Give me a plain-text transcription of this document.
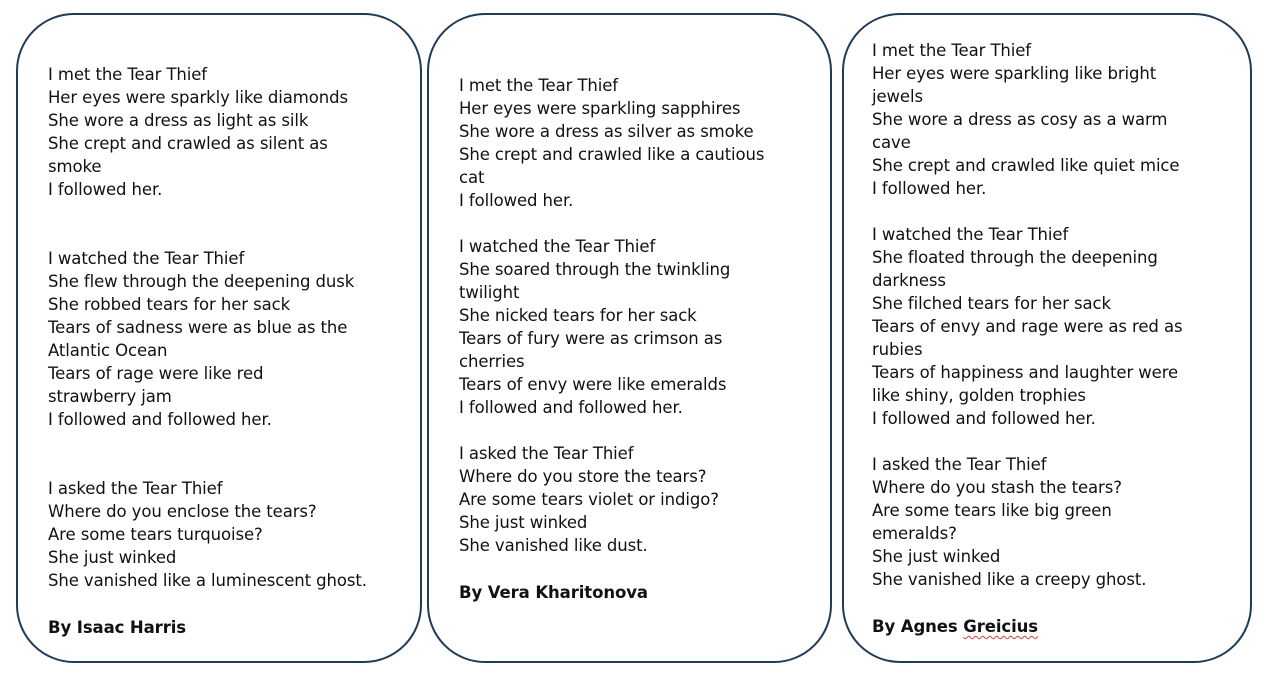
I met the Tear Thief
Her eyes were sparkly like diamonds
She wore a dress as light as silk
She crept and crawled as silent as
smoke
I followed her.
I watched the Tear Thief
She flew through the deepening dusk
She robbed tears for her sack
Tears of sadness were as blue as the
Atlantic Ocean
Tears of rage were like red
strawberry jam
I followed and followed her.
I asked the Tear Thief
Where do you enclose the tears?
Are some tears turquoise?
She just winked
She vanished like a luminescent ghost.
By Isaac Harris
I met the Tear Thief
Her eyes were sparkling sapphires
She wore a dress as silver as smoke
She crept and crawled like a cautious
cat
I followed her.
I watched the Tear Thief
She soared through the twinkling
twilight
She nicked tears for her sack
Tears of fury were as crimson as
cherries
Tears of envy were like emeralds
I followed and followed her.
I asked the Tear Thief
Where do you store the tears?
Are some tears violet or indigo?
She just winked
She vanished like dust.
By Vera Kharitonova
I met the Tear Thief
Her eyes were sparkling like bright
jewels
She wore a dress as cosy as a warm
cave
She crept and crawled like quiet mice
I followed her.
I watched the Tear Thief
She floated through the deepening
darkness
She filched tears for her sack
Tears of envy and rage were as red as
rubies
Tears of happiness and laughter were
like shiny, golden trophies
I followed and followed her.
I asked the Tear Thief
Where do you stash the tears?
Are some tears like big green
emeralds?
She just winked
She vanished like a creepy ghost.
By Agnes Greicius
